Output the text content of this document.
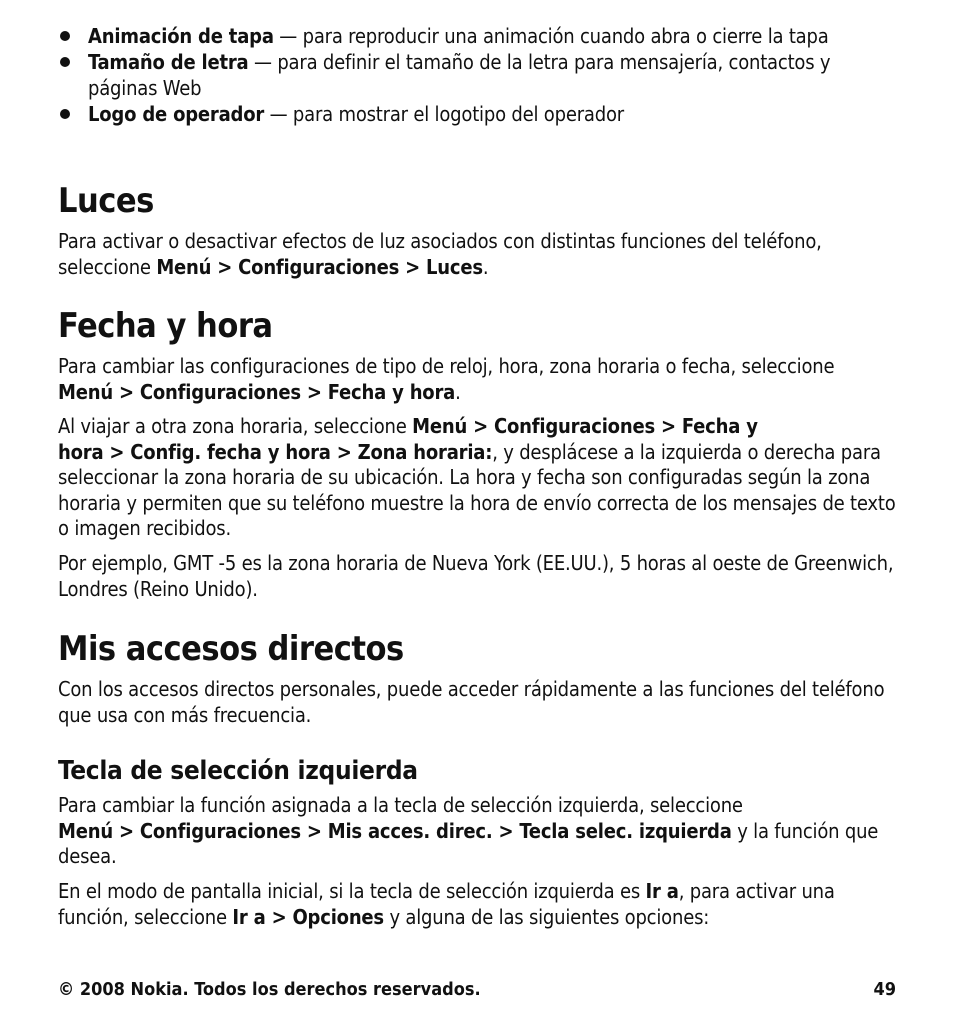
Animación de tapa — para reproducir una animación cuando abra o cierre la tapa
Tamaño de letra — para definir el tamaño de la letra para mensajería, contactos y páginas Web
Logo de operador — para mostrar el logotipo del operador
Luces
Para activar o desactivar efectos de luz asociados con distintas funciones del teléfono, seleccione Menú > Configuraciones > Luces.
Fecha y hora
Para cambiar las configuraciones de tipo de reloj, hora, zona horaria o fecha, seleccione Menú > Configuraciones > Fecha y hora.
Al viajar a otra zona horaria, seleccione Menú > Configuraciones > Fecha y hora > Config. fecha y hora > Zona horaria:, y desplácese a la izquierda o derecha para seleccionar la zona horaria de su ubicación. La hora y fecha son configuradas según la zona horaria y permiten que su teléfono muestre la hora de envío correcta de los mensajes de texto o imagen recibidos.
Por ejemplo, GMT -5 es la zona horaria de Nueva York (EE.UU.), 5 horas al oeste de Greenwich, Londres (Reino Unido).
Mis accesos directos
Con los accesos directos personales, puede acceder rápidamente a las funciones del teléfono que usa con más frecuencia.
Tecla de selección izquierda
Para cambiar la función asignada a la tecla de selección izquierda, seleccione Menú > Configuraciones > Mis acces. direc. > Tecla selec. izquierda y la función que desea.
En el modo de pantalla inicial, si la tecla de selección izquierda es Ir a, para activar una función, seleccione Ir a > Opciones y alguna de las siguientes opciones:
© 2008 Nokia. Todos los derechos reservados.	49
